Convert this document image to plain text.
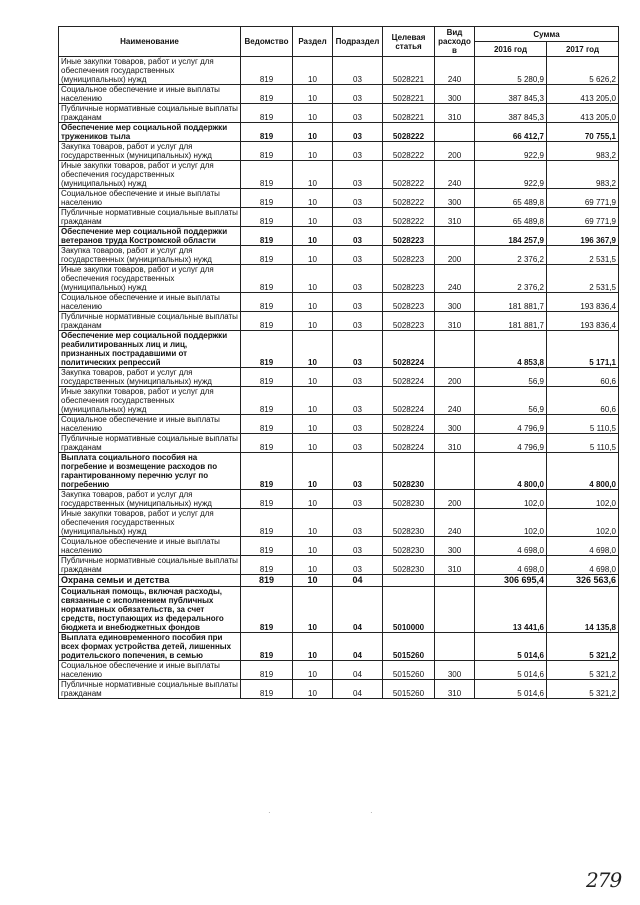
Наименование	Ведомство	Раздел	Подраздел	Целевая статья	Вид расходов	Сумма	
						2016 год	2017 год
Иные закупки товаров, работ и услуг для обеспечения государственных (муниципальных) нужд	819	10	03	5028221	240	5 280,9	5 626,2
Социальное обеспечение и иные выплаты населению	819	10	03	5028221	300	387 845,3	413 205,0
Публичные нормативные социальные выплаты гражданам	819	10	03	5028221	310	387 845,3	413 205,0
Обеспечение мер социальной поддержки тружеников тыла	819	10	03	5028222		66 412,7	70 755,1
Закупка товаров, работ и услуг для государственных (муниципальных) нужд	819	10	03	5028222	200	922,9	983,2
Иные закупки товаров, работ и услуг для обеспечения государственных (муниципальных) нужд	819	10	03	5028222	240	922,9	983,2
Социальное обеспечение и иные выплаты населению	819	10	03	5028222	300	65 489,8	69 771,9
Публичные нормативные социальные выплаты гражданам	819	10	03	5028222	310	65 489,8	69 771,9
Обеспечение мер социальной поддержки ветеранов труда Костромской области	819	10	03	5028223		184 257,9	196 367,9
Закупка товаров, работ и услуг для государственных (муниципальных) нужд	819	10	03	5028223	200	2 376,2	2 531,5
Иные закупки товаров, работ и услуг для обеспечения государственных (муниципальных) нужд	819	10	03	5028223	240	2 376,2	2 531,5
Социальное обеспечение и иные выплаты населению	819	10	03	5028223	300	181 881,7	193 836,4
Публичные нормативные социальные выплаты гражданам	819	10	03	5028223	310	181 881,7	193 836,4
Обеспечение мер социальной поддержки реабилитированных лиц и лиц, признанных пострадавшими от политических репрессий	819	10	03	5028224		4 853,8	5 171,1
Закупка товаров, работ и услуг для государственных (муниципальных) нужд	819	10	03	5028224	200	56,9	60,6
Иные закупки товаров, работ и услуг для обеспечения государственных (муниципальных) нужд	819	10	03	5028224	240	56,9	60,6
Социальное обеспечение и иные выплаты населению	819	10	03	5028224	300	4 796,9	5 110,5
Публичные нормативные социальные выплаты гражданам	819	10	03	5028224	310	4 796,9	5 110,5
Выплата социального пособия на погребение и возмещение расходов по гарантированному перечню услуг по погребению	819	10	03	5028230		4 800,0	4 800,0
Закупка товаров, работ и услуг для государственных (муниципальных) нужд	819	10	03	5028230	200	102,0	102,0
Иные закупки товаров, работ и услуг для обеспечения государственных (муниципальных) нужд	819	10	03	5028230	240	102,0	102,0
Социальное обеспечение и иные выплаты населению	819	10	03	5028230	300	4 698,0	4 698,0
Публичные нормативные социальные выплаты гражданам	819	10	03	5028230	310	4 698,0	4 698,0
Охрана семьи и детства	819	10	04			306 695,4	326 563,6
Социальная помощь, включая расходы, связанные с исполнением публичных нормативных обязательств, за счет средств, поступающих из федерального бюджета и внебюджетных фондов	819	10	04	5010000		13 441,6	14 135,8
Выплата единовременного пособия при всех формах устройства детей, лишенных родительского попечения, в семью	819	10	04	5015260		5 014,6	5 321,2
Социальное обеспечение и иные выплаты населению	819	10	04	5015260	300	5 014,6	5 321,2
Публичные нормативные социальные выплаты гражданам	819	10	04	5015260	310	5 014,6	5 321,2
·	·
279
